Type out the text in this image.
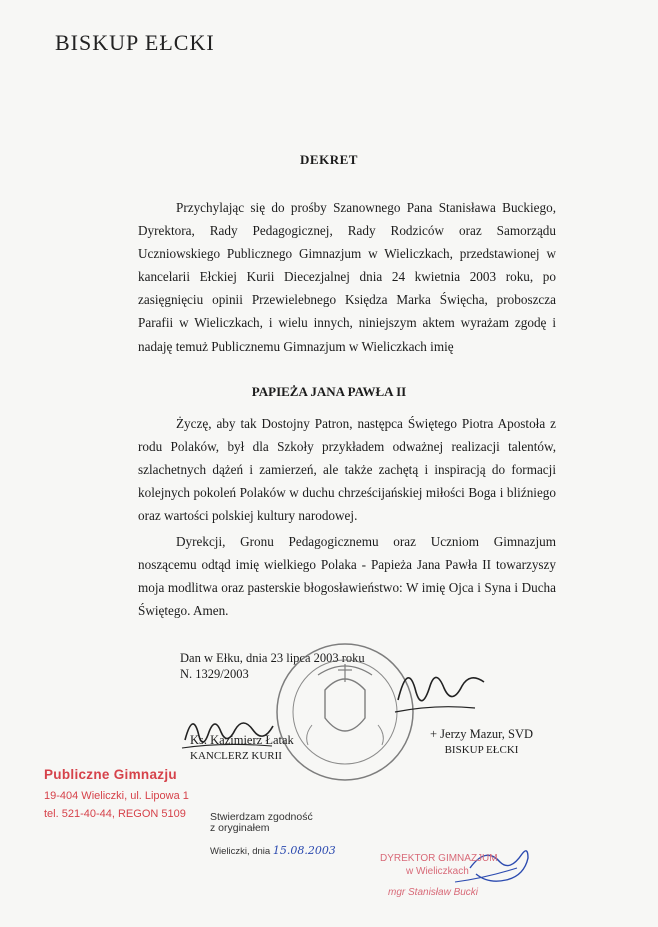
BISKUP EŁCKI
DEKRET
Przychylając się do prośby Szanownego Pana Stanisława Buckiego, Dyrektora, Rady Pedagogicznej, Rady Rodziców oraz Samorządu Uczniowskiego Publicznego Gimnazjum w Wieliczkach, przedstawionej w kancelarii Ełckiej Kurii Diecezjalnej dnia 24 kwietnia 2003 roku, po zasięgnięciu opinii Przewielebnego Księdza Marka Święcha, proboszcza Parafii w Wieliczkach, i wielu innych, niniejszym aktem wyrażam zgodę i nadaję temuż Publicznemu Gimnazjum w Wieliczkach imię
PAPIEŻA JANA PAWŁA II
Życzę, aby tak Dostojny Patron, następca Świętego Piotra Apostoła z rodu Polaków, był dla Szkoły przykładem odważnej realizacji talentów, szlachetnych dążeń i zamierzeń, ale także zachętą i inspiracją do formacji kolejnych pokoleń Polaków w duchu chrześcijańskiej miłości Boga i bliźniego oraz wartości polskiej kultury narodowej.
Dyrekcji, Gronu Pedagogicznemu oraz Uczniom Gimnazjum noszącemu odtąd imię wielkiego Polaka - Papieża Jana Pawła II towarzyszy moja modlitwa oraz pasterskie błogosławieństwo: W imię Ojca i Syna i Ducha Świętego. Amen.
Dan w Ełku, dnia 23 lipca 2003 roku
N. 1329/2003
+ Jerzy Mazur, SVD
BISKUP EŁCKI
Ks. Kazimierz Łatak
KANCLERZ KURII
Publiczne Gimnazju
19-404 Wieliczki, ul. Lipowa 1
tel. 521-40-44, REGON 5109 Stwierdzam zgodność
z oryginałem
Wieliczki, dnia 15.08.2003
DYREKTOR GIMNAZJUM
w Wieliczkach
mgr Stanisław Bucki
